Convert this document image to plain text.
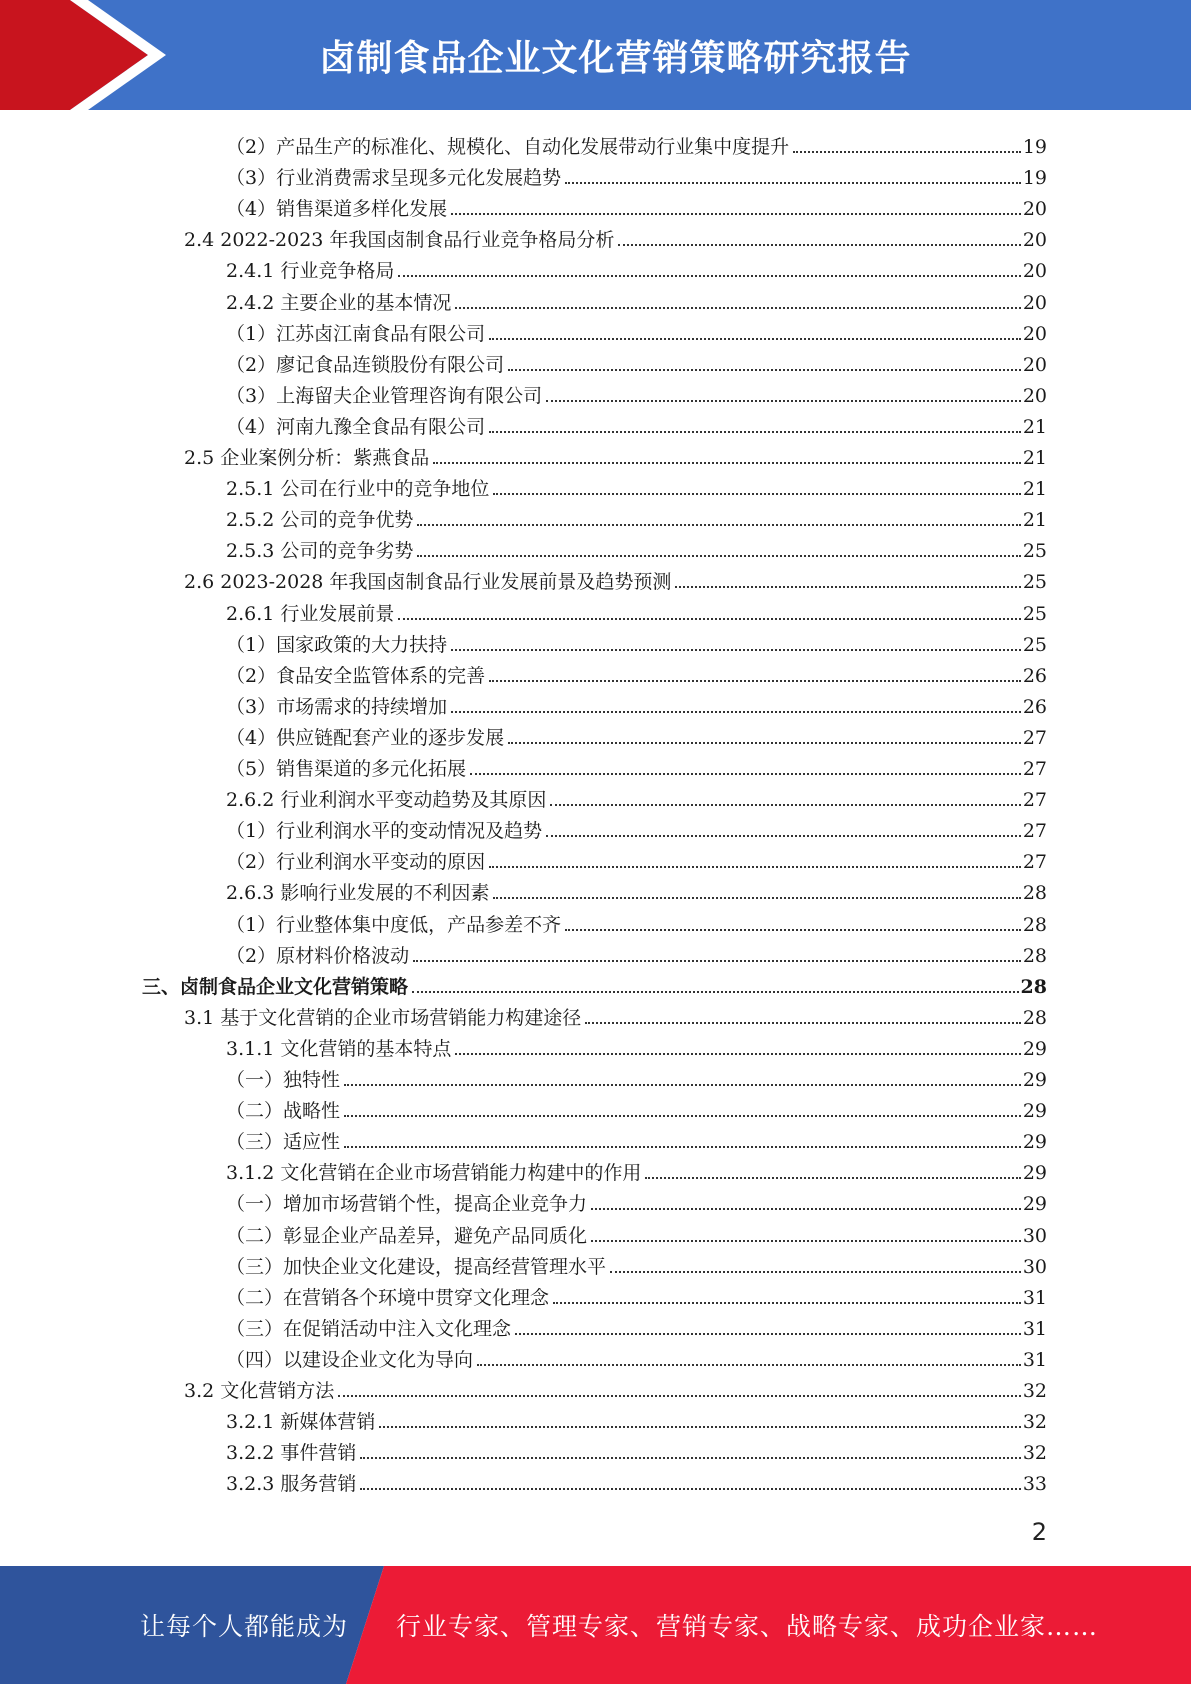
卤制食品企业文化营销策略研究报告
（2）产品生产的标准化、规模化、自动化发展带动行业集中度提升	19
（3）行业消费需求呈现多元化发展趋势	19
（4）销售渠道多样化发展	20
2.4 2022-2023 年我国卤制食品行业竞争格局分析	20
2.4.1 行业竞争格局	20
2.4.2 主要企业的基本情况	20
（1）江苏卤江南食品有限公司	20
（2）廖记食品连锁股份有限公司	20
（3）上海留夫企业管理咨询有限公司	20
（4）河南九豫全食品有限公司	21
2.5 企业案例分析：紫燕食品	21
2.5.1 公司在行业中的竞争地位	21
2.5.2 公司的竞争优势	21
2.5.3 公司的竞争劣势	25
2.6 2023-2028 年我国卤制食品行业发展前景及趋势预测	25
2.6.1 行业发展前景	25
（1）国家政策的大力扶持	25
（2）食品安全监管体系的完善	26
（3）市场需求的持续增加	26
（4）供应链配套产业的逐步发展	27
（5）销售渠道的多元化拓展	27
2.6.2 行业利润水平变动趋势及其原因	27
（1）行业利润水平的变动情况及趋势	27
（2）行业利润水平变动的原因	27
2.6.3 影响行业发展的不利因素	28
（1）行业整体集中度低，产品参差不齐	28
（2）原材料价格波动	28
三、卤制食品企业文化营销策略	28
3.1 基于文化营销的企业市场营销能力构建途径	28
3.1.1 文化营销的基本特点	29
（一）独特性	29
（二）战略性	29
（三）适应性	29
3.1.2 文化营销在企业市场营销能力构建中的作用	29
（一）增加市场营销个性，提高企业竞争力	29
（二）彰显企业产品差异，避免产品同质化	30
（三）加快企业文化建设，提高经营管理水平	30
（二）在营销各个环境中贯穿文化理念	31
（三）在促销活动中注入文化理念	31
（四）以建设企业文化为导向	31
3.2 文化营销方法	32
3.2.1 新媒体营销	32
3.2.2 事件营销	32
3.2.3 服务营销	33
2
让每个人都能成为 行业专家、管理专家、营销专家、战略专家、成功企业家……
